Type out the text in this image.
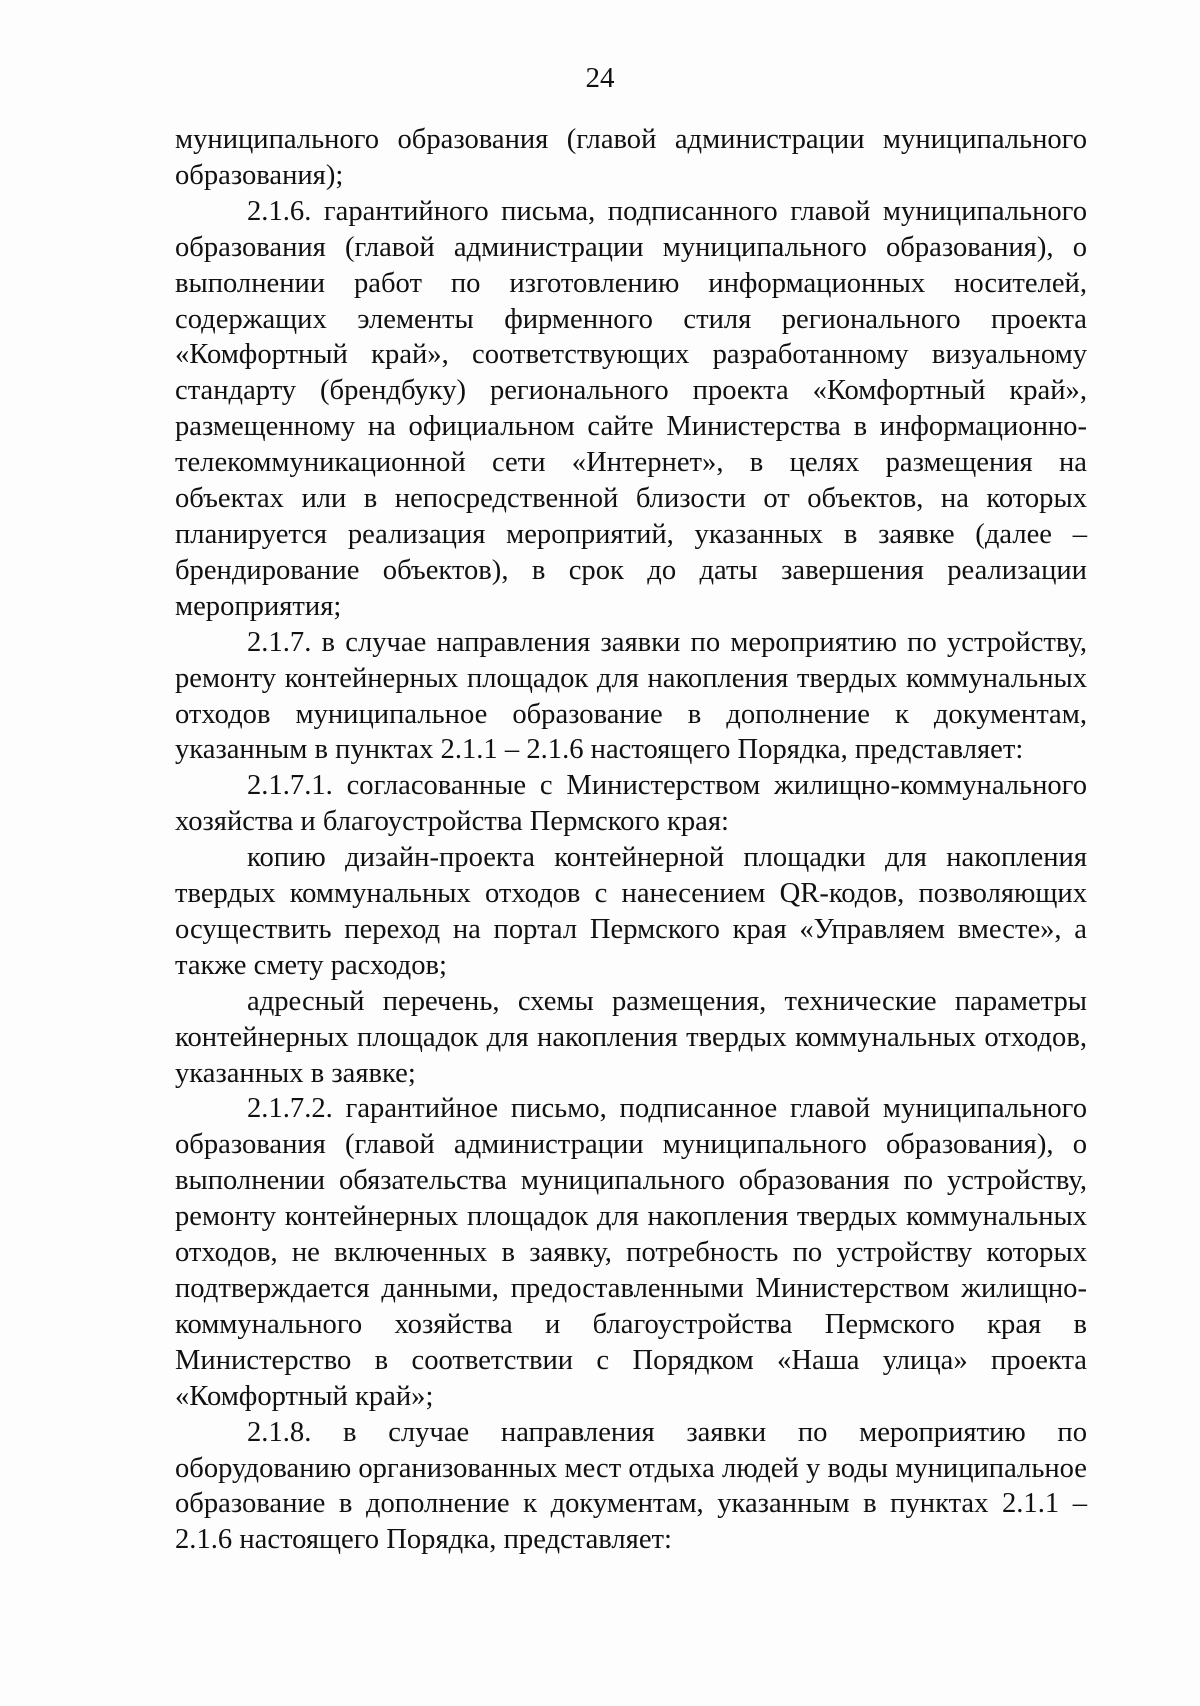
24

муниципального образования (главой администрации муниципального образования);

2.1.6. гарантийного письма, подписанного главой муниципального образования (главой администрации муниципального образования), о выполнении работ по изготовлению информационных носителей, содержащих элементы фирменного стиля регионального проекта «Комфортный край», соответствующих разработанному визуальному стандарту (брендбуку) регионального проекта «Комфортный край», размещенному на официальном сайте Министерства в информационно-телекоммуникационной сети «Интернет», в целях размещения на объектах или в непосредственной близости от объектов, на которых планируется реализация мероприятий, указанных в заявке (далее – брендирование объектов), в срок до даты завершения реализации мероприятия;

2.1.7. в случае направления заявки по мероприятию по устройству, ремонту контейнерных площадок для накопления твердых коммунальных отходов муниципальное образование в дополнение к документам, указанным в пунктах 2.1.1 – 2.1.6 настоящего Порядка, представляет:

2.1.7.1. согласованные с Министерством жилищно-коммунального хозяйства и благоустройства Пермского края:

копию дизайн-проекта контейнерной площадки для накопления твердых коммунальных отходов с нанесением QR-кодов, позволяющих осуществить переход на портал Пермского края «Управляем вместе», а также смету расходов;

адресный перечень, схемы размещения, технические параметры контейнерных площадок для накопления твердых коммунальных отходов, указанных в заявке;

2.1.7.2. гарантийное письмо, подписанное главой муниципального образования (главой администрации муниципального образования), о выполнении обязательства муниципального образования по устройству, ремонту контейнерных площадок для накопления твердых коммунальных отходов, не включенных в заявку, потребность по устройству которых подтверждается данными, предоставленными Министерством жилищно-коммунального хозяйства и благоустройства Пермского края в Министерство в соответствии с Порядком «Наша улица» проекта «Комфортный край»;

2.1.8. в случае направления заявки по мероприятию по оборудованию организованных мест отдыха людей у воды муниципальное образование в дополнение к документам, указанным в пунктах 2.1.1 – 2.1.6 настоящего Порядка, представляет:
